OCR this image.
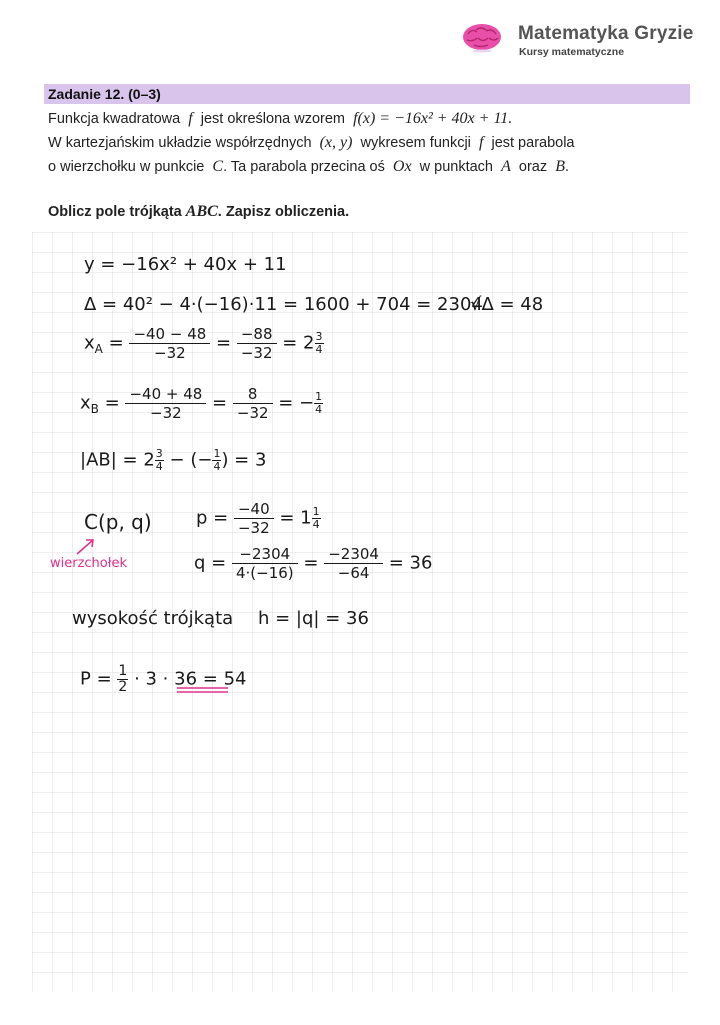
Matematyka Gryzie
Kursy matematyczne
Zadanie 12. (0–3)
Funkcja kwadratowa f jest określona wzorem f(x) = −16x² + 40x + 11.
W kartezjańskim układzie współrzędnych (x, y) wykresem funkcji f jest parabola
o wierzchołku w punkcie C. Ta parabola przecina oś Ox w punktach A oraz B.
Oblicz pole trójkąta ABC. Zapisz obliczenia.
y = −16x² + 40x + 11
Δ = 40² − 4·(−16)·11 = 1600 + 704 = 2304
√Δ = 48
$x_A = \frac{-40 - 48}{-32} = \frac{-88}{-32} = 2 \frac{3}{4}$
$x_B = \frac{-40 + 48}{-32} = \frac{8}{-32}$ = − $\frac{1}{4}$
$|AB| = 2 \frac{3}{4}$ − (− $\frac{1}{4}$ ) = 3
C(p, q)
wierzchołek
$p = \frac{-40}{-32} = 1 \frac{1}{4}$
$q = \frac{-2304}{4\cdot(-16)} = \frac{-2304}{-64} = 36$
wysokość trójkąta h = |q| = 36
$P = \frac{1}{2} \cdot 3 \cdot 36 = 54$
